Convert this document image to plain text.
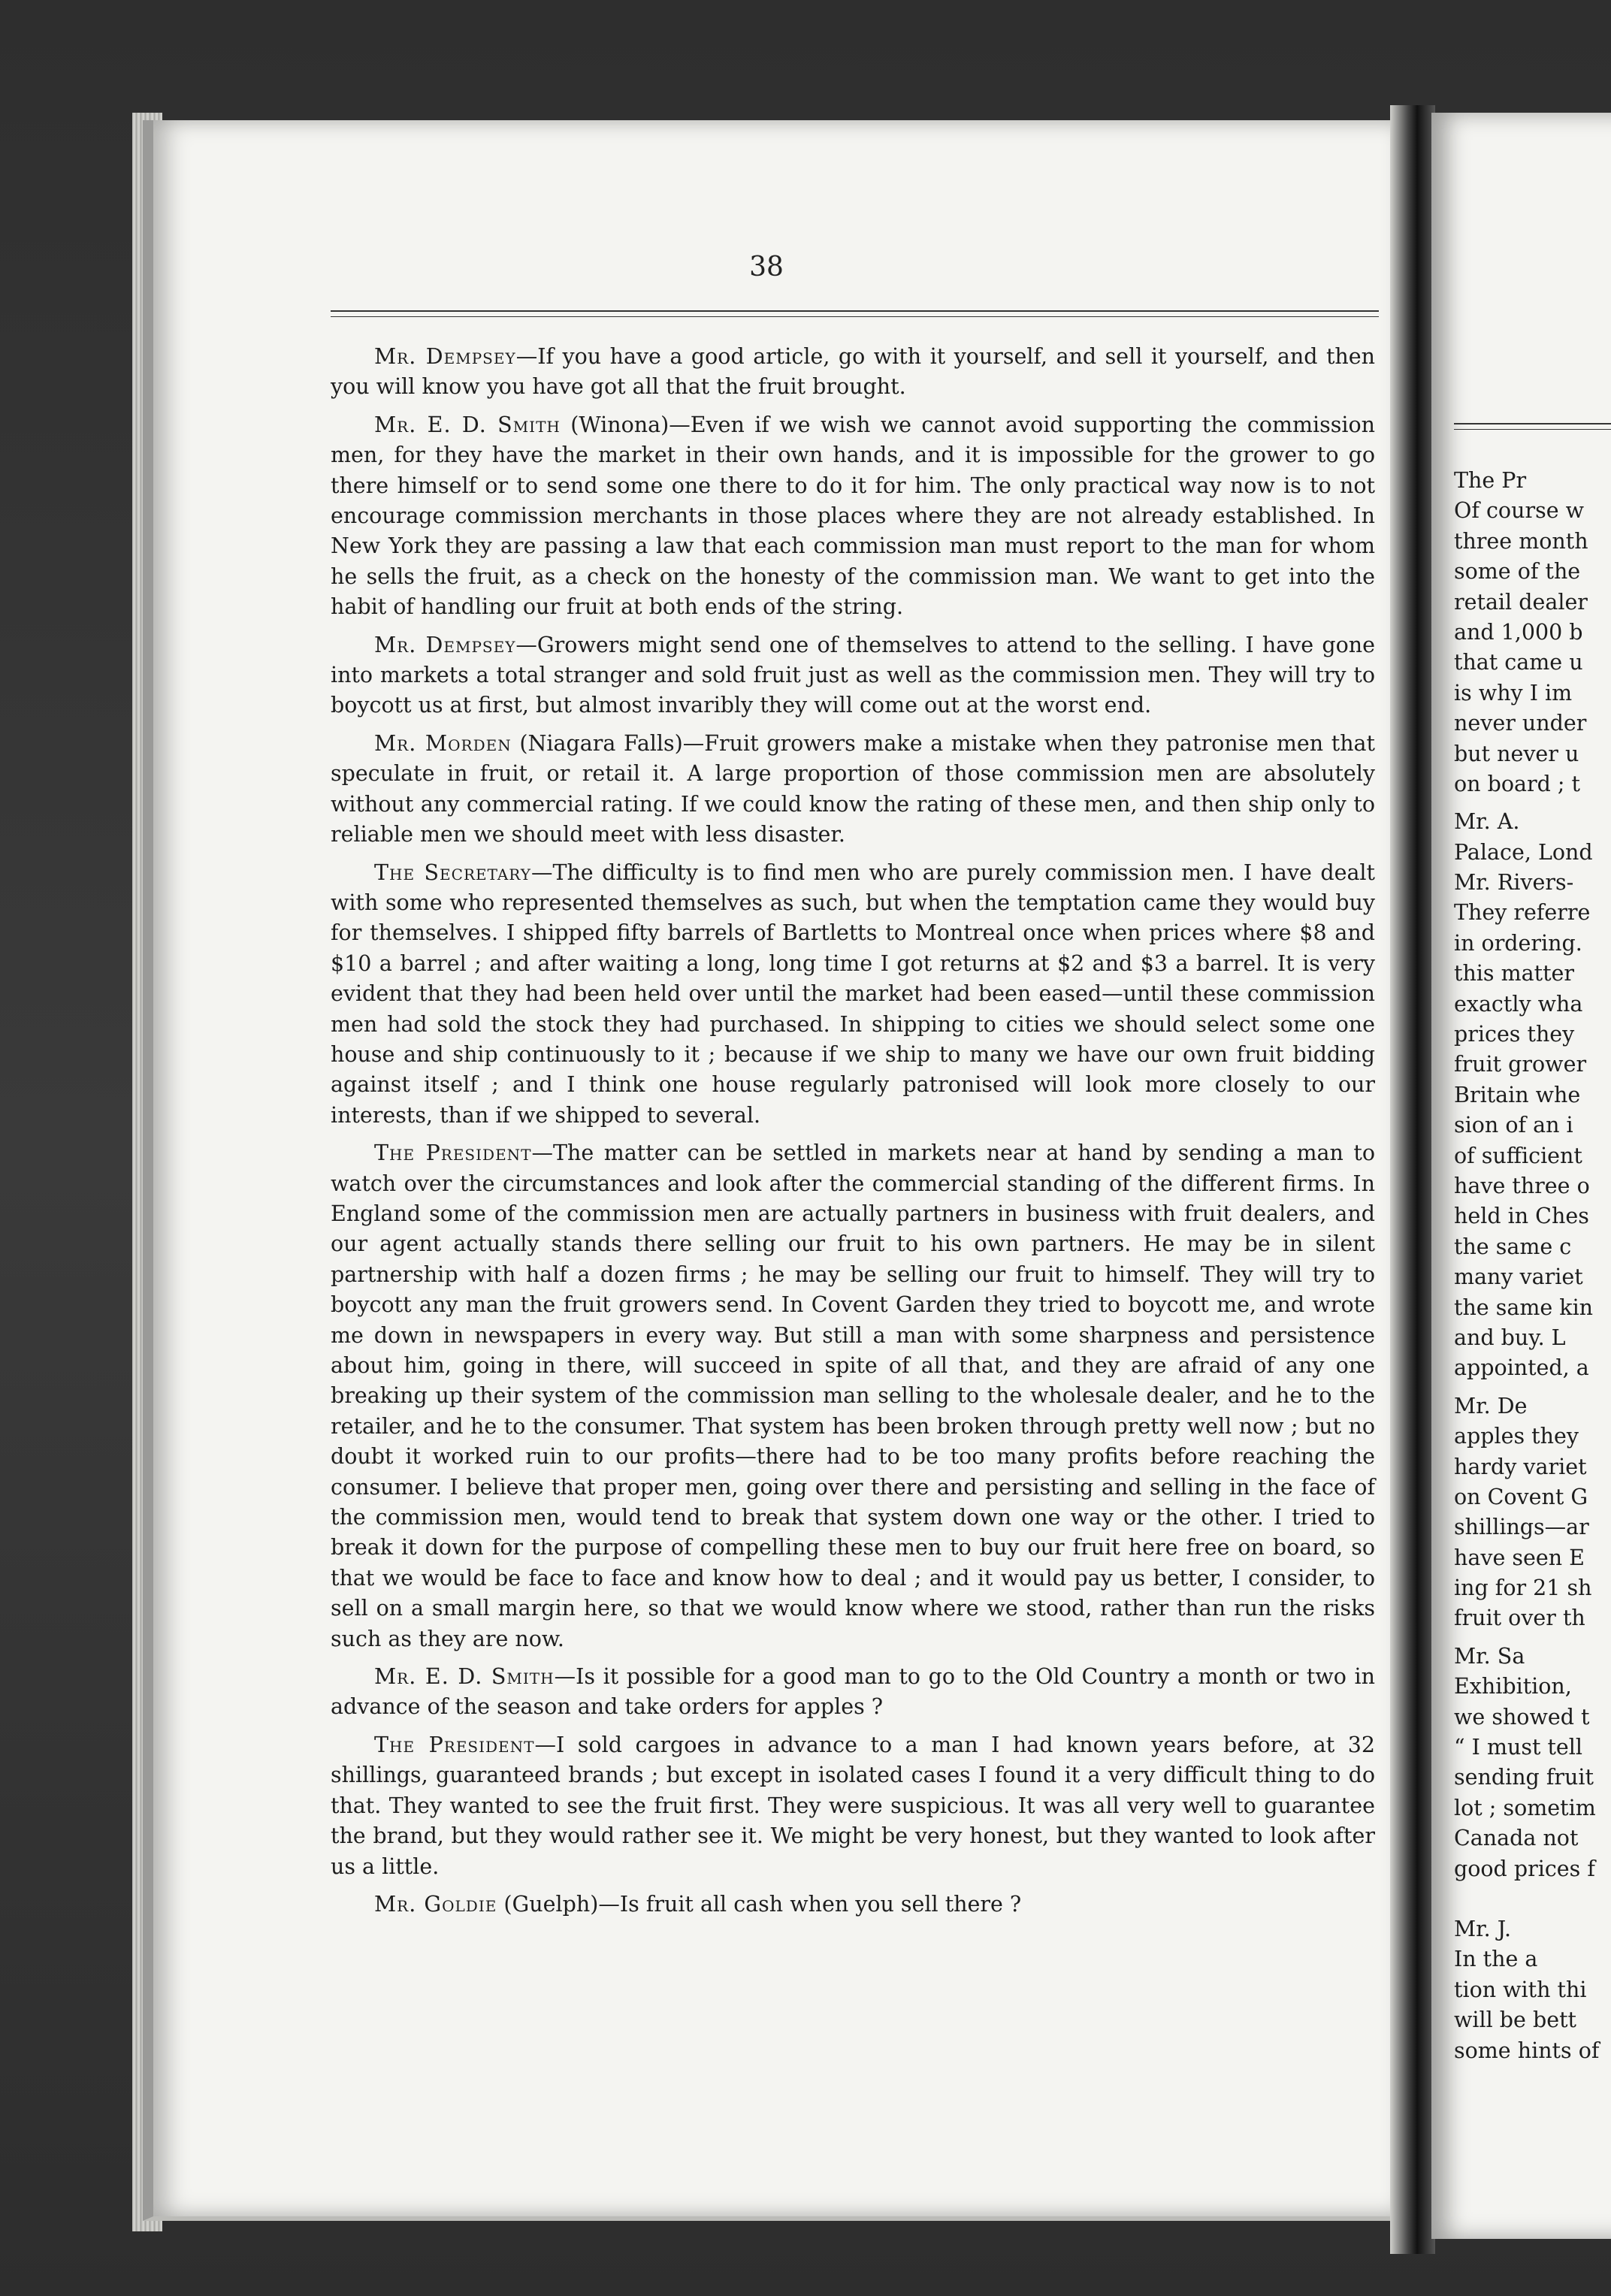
The Pr
Of course w
three month
some of the
retail dealer
and 1,000 b
that came u
is why I im
never under
but never u
on board ; t
Mr. A.
Palace, Lond
Mr. Rivers-
They referre
in ordering.
this matter
exactly wha
prices they
fruit grower
Britain whe
sion of an i
of sufficient
have three o
held in Ches
the same c
many variet
the same kin
and buy. L
appointed, a
Mr. De
apples they
hardy variet
on Covent G
shillings—ar
have seen E
ing for 21 sh
fruit over th
Mr. Sa
Exhibition,
we showed t
“ I must tell
sending fruit
lot ; sometim
Canada not
good prices f
Mr. J.
In the a
tion with thi
will be bett
some hints of
38

Mr. Dempsey—If you have a good article, go with it yourself, and sell it yourself, and then you will know you have got all that the fruit brought.

Mr. E. D. Smith (Winona)—Even if we wish we cannot avoid supporting the commission men, for they have the market in their own hands, and it is impossible for the grower to go there himself or to send some one there to do it for him. The only practical way now is to not encourage commission merchants in those places where they are not already established. In New York they are passing a law that each commission man must report to the man for whom he sells the fruit, as a check on the honesty of the commission man. We want to get into the habit of handling our fruit at both ends of the string.

Mr. Dempsey—Growers might send one of themselves to attend to the selling. I have gone into markets a total stranger and sold fruit just as well as the commission men. They will try to boycott us at first, but almost invaribly they will come out at the worst end.

Mr. Morden (Niagara Falls)—Fruit growers make a mistake when they patronise men that speculate in fruit, or retail it. A large proportion of those commission men are absolutely without any commercial rating. If we could know the rating of these men, and then ship only to reliable men we should meet with less disaster.

The Secretary—The difficulty is to find men who are purely commission men. I have dealt with some who represented themselves as such, but when the temptation came they would buy for themselves. I shipped fifty barrels of Bartletts to Montreal once when prices where $8 and $10 a barrel ; and after waiting a long, long time I got returns at $2 and $3 a barrel. It is very evident that they had been held over until the market had been eased—until these commission men had sold the stock they had purchased. In shipping to cities we should select some one house and ship continuously to it ; because if we ship to many we have our own fruit bidding against itself ; and I think one house regularly patronised will look more closely to our interests, than if we shipped to several.

The President—The matter can be settled in markets near at hand by sending a man to watch over the circumstances and look after the commercial standing of the different firms. In England some of the commission men are actually partners in business with fruit dealers, and our agent actually stands there selling our fruit to his own partners. He may be in silent partnership with half a dozen firms ; he may be selling our fruit to himself. They will try to boycott any man the fruit growers send. In Covent Garden they tried to boycott me, and wrote me down in newspapers in every way. But still a man with some sharpness and persistence about him, going in there, will succeed in spite of all that, and they are afraid of any one breaking up their system of the commission man selling to the wholesale dealer, and he to the retailer, and he to the consumer. That system has been broken through pretty well now ; but no doubt it worked ruin to our profits—there had to be too many profits before reaching the consumer. I believe that proper men, going over there and persisting and selling in the face of the commission men, would tend to break that system down one way or the other. I tried to break it down for the purpose of compelling these men to buy our fruit here free on board, so that we would be face to face and know how to deal ; and it would pay us better, I consider, to sell on a small margin here, so that we would know where we stood, rather than run the risks such as they are now.

Mr. E. D. Smith—Is it possible for a good man to go to the Old Country a month or two in advance of the season and take orders for apples ?

The President—I sold cargoes in advance to a man I had known years before, at 32 shillings, guaranteed brands ; but except in isolated cases I found it a very difficult thing to do that. They wanted to see the fruit first. They were suspicious. It was all very well to guarantee the brand, but they would rather see it. We might be very honest, but they wanted to look after us a little.

Mr. Goldie (Guelph)—Is fruit all cash when you sell there ?
